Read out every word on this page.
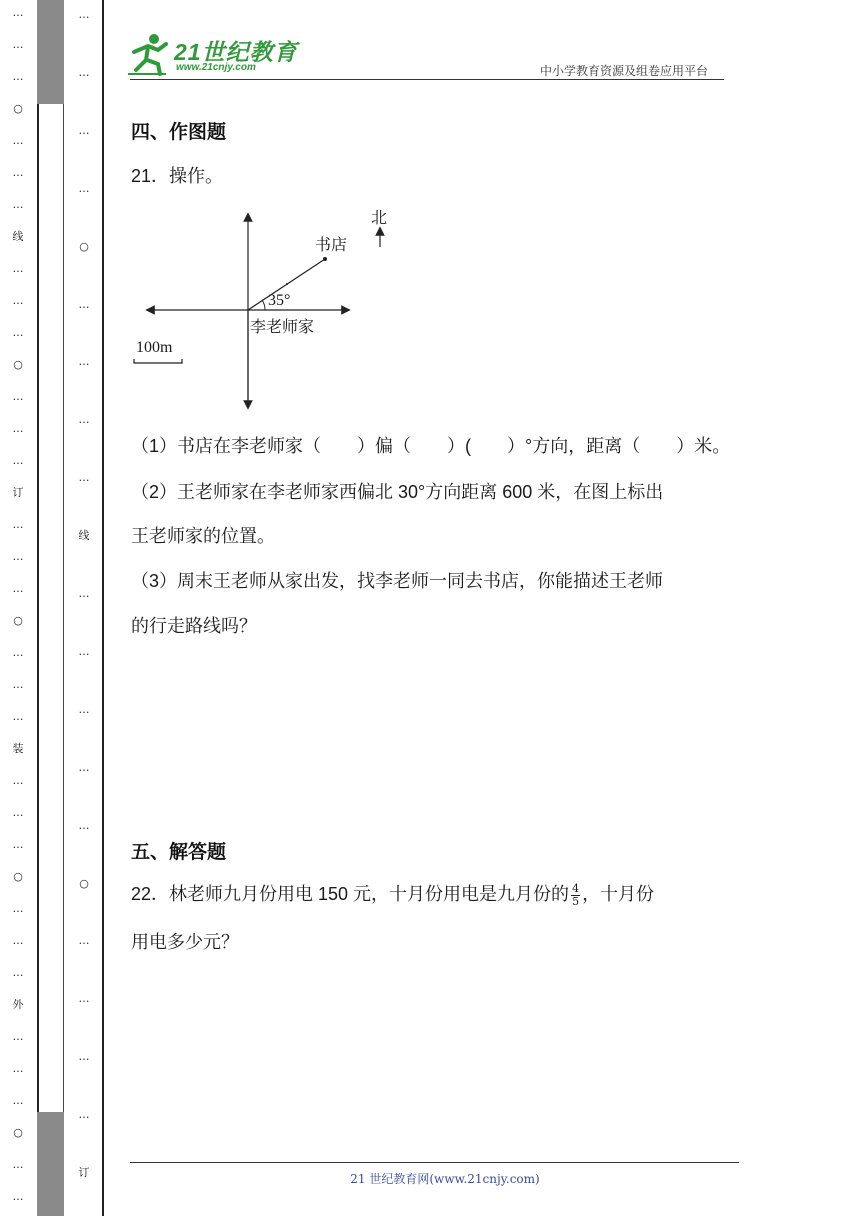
…
…
…
○
…
…
…
线
…
…
…
○
…
…
…
订
…
…
…
○
…
…
…
装
…
…
…
○
…
…
…
外
…
…
…
○
…
…
…
…
…
…
○
…
…
…
…
线
…
…
…
…
…
○
…
…
…
…
订
21世纪教育
www.21cnjy.com	中小学教育资源及组卷应用平台
四、作图题
21．操作。
北
书店
35°
李老师家
100m
（1）书店在李老师家（　　）偏（　　）(　　）°方向，距离（　　）米。
（2）王老师家在李老师家西偏北 30°方向距离 600 米，在图上标出
王老师家的位置。
（3）周末王老师从家出发，找李老师一同去书店，你能描述王老师
的行走路线吗？
五、解答题
22．林老师九月份用电 150 元，十月份用电是九月份的 $\frac{4}{5}$ ，十月份
用电多少元？
21 世纪教育网(www.21cnjy.com)
